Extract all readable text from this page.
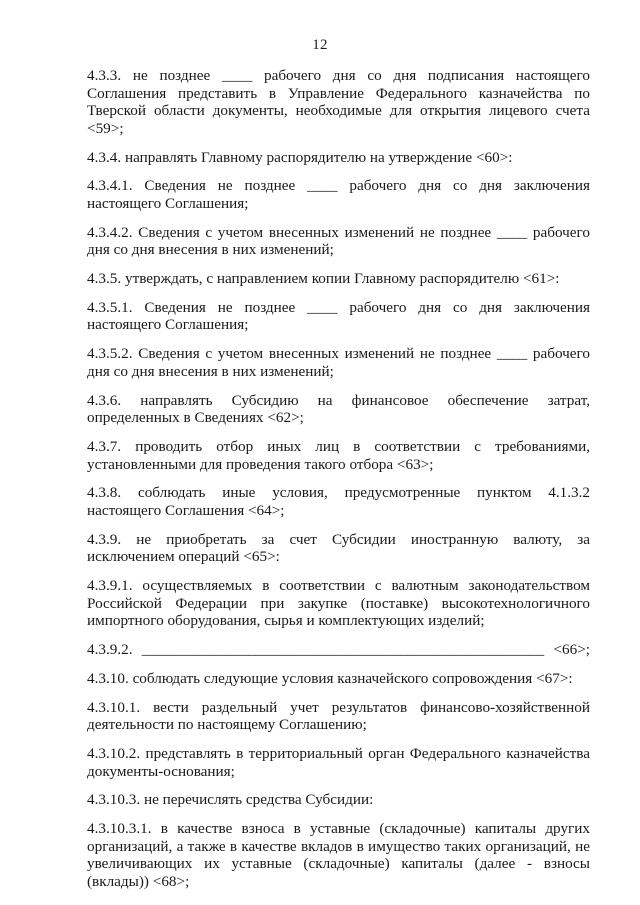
12

4.3.3. не позднее ____ рабочего дня со дня подписания настоящего Соглашения представить в Управление Федерального казначейства по Тверской области документы, необходимые для открытия лицевого счета <59>;

4.3.4. направлять Главному распорядителю на утверждение <60>:

4.3.4.1. Сведения не позднее ____ рабочего дня со дня заключения настоящего Соглашения;

4.3.4.2. Сведения с учетом внесенных изменений не позднее ____ рабочего дня со дня внесения в них изменений;

4.3.5. утверждать, с направлением копии Главному распорядителю <61>:

4.3.5.1. Сведения не позднее ____ рабочего дня со дня заключения настоящего Соглашения;

4.3.5.2. Сведения с учетом внесенных изменений не позднее ____ рабочего дня со дня внесения в них изменений;

4.3.6. направлять Субсидию на финансовое обеспечение затрат, определенных в Сведениях <62>;

4.3.7. проводить отбор иных лиц в соответствии с требованиями, установленными для проведения такого отбора <63>;

4.3.8. соблюдать иные условия, предусмотренные пунктом 4.1.3.2 настоящего Соглашения <64>;

4.3.9. не приобретать за счет Субсидии иностранную валюту, за исключением операций <65>:

4.3.9.1. осуществляемых в соответствии с валютным законодательством Российской Федерации при закупке (поставке) высокотехнологичного импортного оборудования, сырья и комплектующих изделий;

4.3.9.2. _____________________________________________________ <66>;

4.3.10. соблюдать следующие условия казначейского сопровождения <67>:

4.3.10.1. вести раздельный учет результатов финансово-хозяйственной деятельности по настоящему Соглашению;

4.3.10.2. представлять в территориальный орган Федерального казначейства документы-основания;

4.3.10.3. не перечислять средства Субсидии:

4.3.10.3.1. в качестве взноса в уставные (складочные) капиталы других организаций, а также в качестве вкладов в имущество таких организаций, не увеличивающих их уставные (складочные) капиталы (далее - взносы (вклады)) <68>;
